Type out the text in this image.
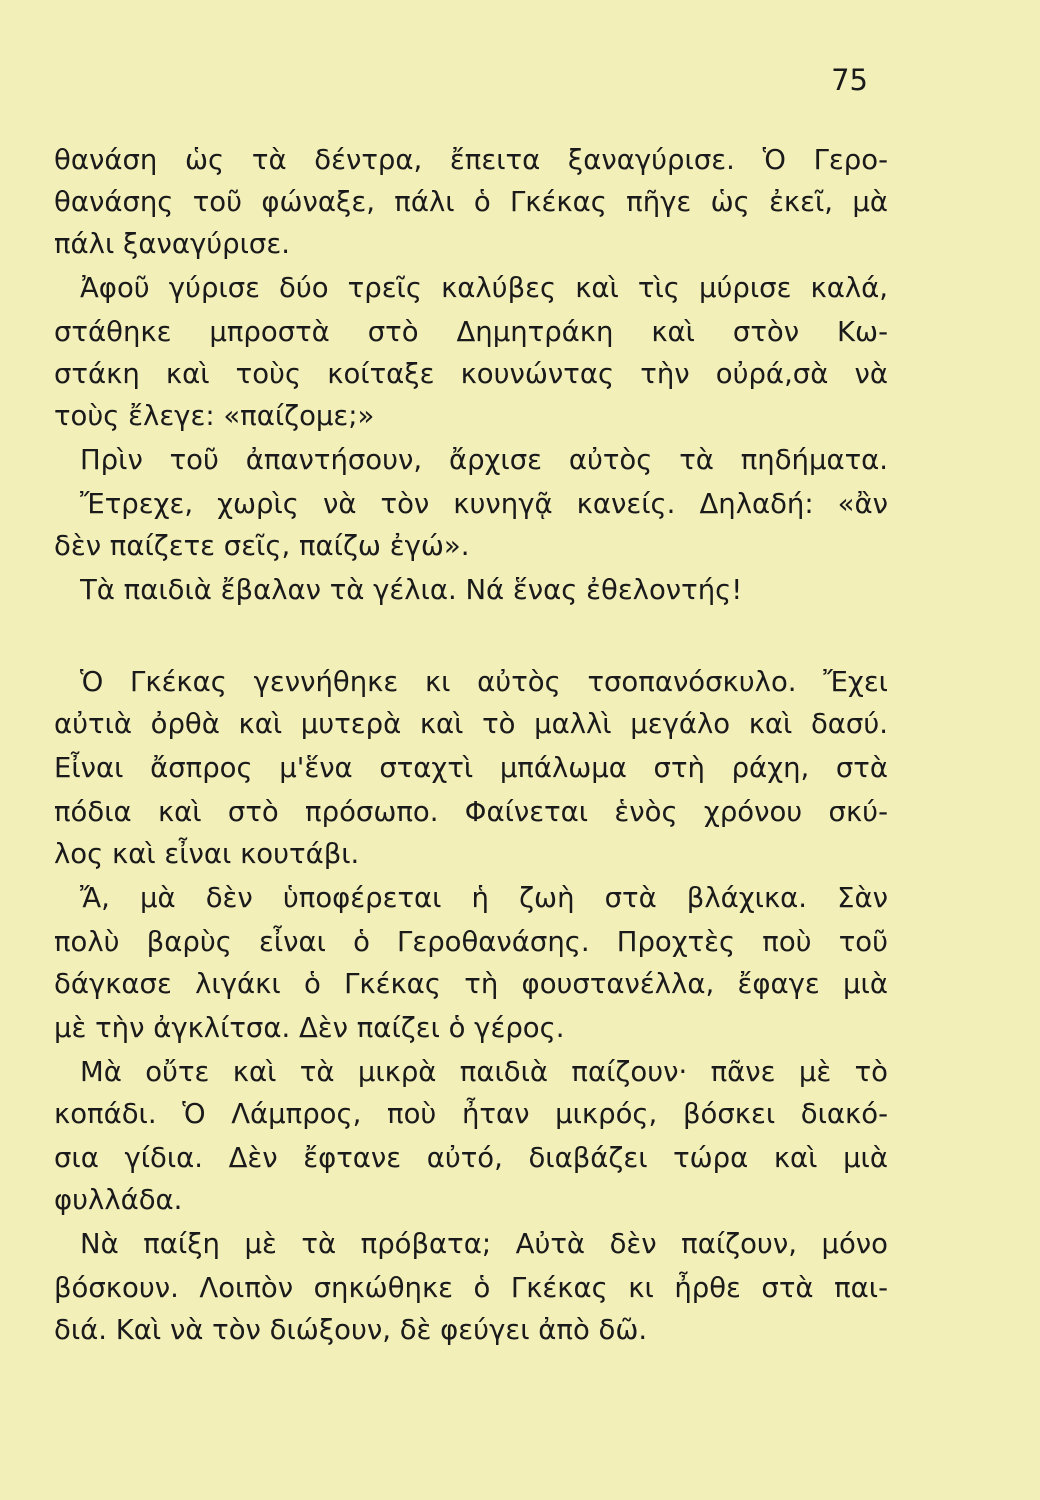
75
θανάση ὡς τὰ δέντρα, ἔπειτα ξαναγύρισε. Ὁ Γερο-
θανάσης τοῦ φώναξε, πάλι ὁ Γκέκας πῆγε ὡς ἐκεῖ, μὰ
πάλι ξαναγύρισε.
Ἀφοῦ γύρισε δύο τρεῖς καλύβες καὶ τὶς μύρισε καλά,
στάθηκε μπροστὰ στὸ Δημητράκη καὶ στὸν Κω-
στάκη καὶ τοὺς κοίταξε κουνώντας τὴν οὐρά,σὰ νὰ
τοὺς ἔλεγε: «παίζομε;»
Πρὶν τοῦ ἀπαντήσουν, ἄρχισε αὐτὸς τὰ πηδήματα.
Ἔτρεχε, χωρὶς νὰ τὸν κυνηγᾷ κανείς. Δηλαδή: «ἂν
δὲν παίζετε σεῖς, παίζω ἐγώ».
Τὰ παιδιὰ ἔβαλαν τὰ γέλια. Νά ἕνας ἐθελοντής!
Ὁ Γκέκας γεννήθηκε κι αὐτὸς τσοπανόσκυλο. Ἔχει
αὐτιὰ ὀρθὰ καὶ μυτερὰ καὶ τὸ μαλλὶ μεγάλο καὶ δασύ.
Εἶναι ἄσπρος μ'ἕνα σταχτὶ μπάλωμα στὴ ράχη, στὰ
πόδια καὶ στὸ πρόσωπο. Φαίνεται ἑνὸς χρόνου σκύ-
λος καὶ εἶναι κουτάβι.
Ἄ, μὰ δὲν ὑποφέρεται ἡ ζωὴ στὰ βλάχικα. Σὰν
πολὺ βαρὺς εἶναι ὁ Γεροθανάσης. Προχτὲς ποὺ τοῦ
δάγκασε λιγάκι ὁ Γκέκας τὴ φουστανέλλα, ἔφαγε μιὰ
μὲ τὴν ἀγκλίτσα. Δὲν παίζει ὁ γέρος.
Μὰ οὔτε καὶ τὰ μικρὰ παιδιὰ παίζουν· πᾶνε μὲ τὸ
κοπάδι. Ὁ Λάμπρος, ποὺ ἦταν μικρός, βόσκει διακό-
σια γίδια. Δὲν ἔφτανε αὐτό, διαβάζει τώρα καὶ μιὰ
φυλλάδα.
Νὰ παίξη μὲ τὰ πρόβατα; Αὐτὰ δὲν παίζουν, μόνο
βόσκουν. Λοιπὸν σηκώθηκε ὁ Γκέκας κι ἦρθε στὰ παι-
διά. Καὶ νὰ τὸν διώξουν, δὲ φεύγει ἀπὸ δῶ.
